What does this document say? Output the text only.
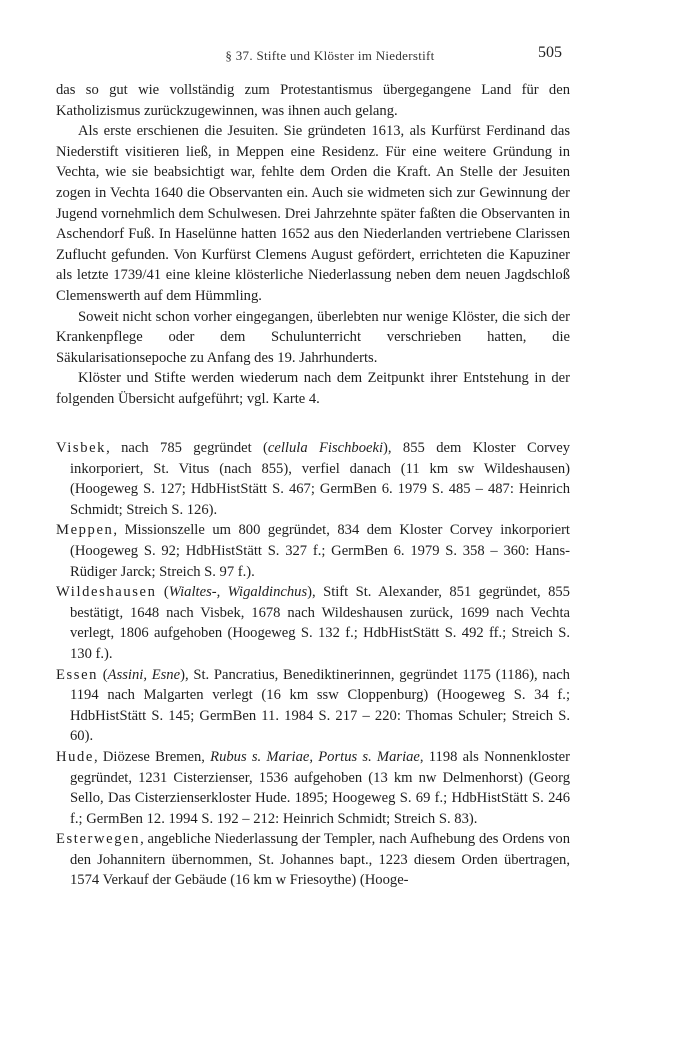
§ 37. Stifte und Klöster im Niederstift	505

das so gut wie vollständig zum Protestantismus übergegangene Land für den Katholizismus zurückzugewinnen, was ihnen auch gelang.

Als erste erschienen die Jesuiten. Sie gründeten 1613, als Kurfürst Ferdinand das Niederstift visitieren ließ, in Meppen eine Residenz. Für eine weitere Gründung in Vechta, wie sie beabsichtigt war, fehlte dem Orden die Kraft. An Stelle der Jesuiten zogen in Vechta 1640 die Observanten ein. Auch sie widmeten sich zur Gewinnung der Jugend vornehmlich dem Schulwesen. Drei Jahrzehnte später faßten die Observanten in Aschendorf Fuß. In Haselünne hatten 1652 aus den Niederlanden vertriebene Clarissen Zuflucht gefunden. Von Kurfürst Clemens August gefördert, errichteten die Kapuziner als letzte 1739/41 eine kleine klösterliche Niederlassung neben dem neuen Jagdschloß Clemenswerth auf dem Hümmling.

Soweit nicht schon vorher eingegangen, überlebten nur wenige Klöster, die sich der Krankenpflege oder dem Schulunterricht verschrieben hatten, die Säkularisationsepoche zu Anfang des 19. Jahrhunderts.

Klöster und Stifte werden wiederum nach dem Zeitpunkt ihrer Entstehung in der folgenden Übersicht aufgeführt; vgl. Karte 4.

Visbek, nach 785 gegründet (cellula Fischboeki), 855 dem Kloster Corvey inkorporiert, St. Vitus (nach 855), verfiel danach (11 km sw Wildeshausen) (Hoogeweg S. 127; HdbHistStätt S. 467; GermBen 6. 1979 S. 485 – 487: Heinrich Schmidt; Streich S. 126).

Meppen, Missionszelle um 800 gegründet, 834 dem Kloster Corvey inkorporiert (Hoogeweg S. 92; HdbHistStätt S. 327 f.; GermBen 6. 1979 S. 358 – 360: Hans-Rüdiger Jarck; Streich S. 97 f.).

Wildeshausen (Wialtes-, Wigaldinchus), Stift St. Alexander, 851 gegründet, 855 bestätigt, 1648 nach Visbek, 1678 nach Wildeshausen zurück, 1699 nach Vechta verlegt, 1806 aufgehoben (Hoogeweg S. 132 f.; HdbHistStätt S. 492 ff.; Streich S. 130 f.).

Essen (Assini, Esne), St. Pancratius, Benediktinerinnen, gegründet 1175 (1186), nach 1194 nach Malgarten verlegt (16 km ssw Cloppenburg) (Hoogeweg S. 34 f.; HdbHistStätt S. 145; GermBen 11. 1984 S. 217 – 220: Thomas Schuler; Streich S. 60).

Hude, Diözese Bremen, Rubus s. Mariae, Portus s. Mariae, 1198 als Nonnenkloster gegründet, 1231 Cisterzienser, 1536 aufgehoben (13 km nw Delmenhorst) (Georg Sello, Das Cisterzienserkloster Hude. 1895; Hoogeweg S. 69 f.; HdbHistStätt S. 246 f.; GermBen 12. 1994 S. 192 – 212: Heinrich Schmidt; Streich S. 83).

Esterwegen, angebliche Niederlassung der Templer, nach Aufhebung des Ordens von den Johannitern übernommen, St. Johannes bapt., 1223 diesem Orden übertragen, 1574 Verkauf der Gebäude (16 km w Friesoythe) (Hooge-
